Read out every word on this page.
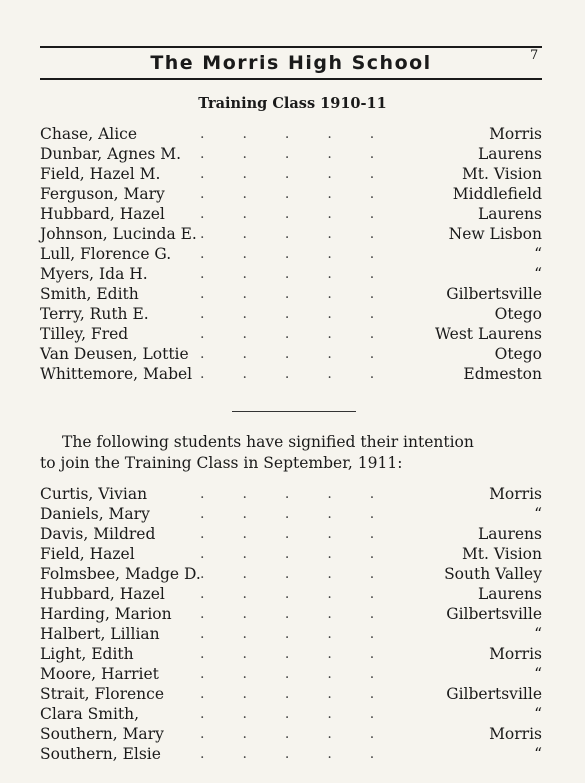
The Morris High School	7
Training Class 1910-11
.....
Chase, Alice	Morris
.....
Dunbar, Agnes M.	Laurens
.....
Field, Hazel M.	Mt. Vision
.....
Ferguson, Mary	Middlefield
.....
Hubbard, Hazel	Laurens
.....
Johnson, Lucinda E.	New Lisbon
.....
Lull, Florence G.	“
.....
Myers, Ida H.	“
.....
Smith, Edith	Gilbertsville
.....
Terry, Ruth E.	Otego
.....
Tilley, Fred	West Laurens
.....
Van Deusen, Lottie	Otego
.....
Whittemore, Mabel	Edmeston
The following students have signified their intention
to join the Training Class in September, 1911:
.....
Curtis, Vivian	Morris
.....
Daniels, Mary	“
.....
Davis, Mildred	Laurens
.....
Field, Hazel	Mt. Vision
.....
Folmsbee, Madge D.	South Valley
.....
Hubbard, Hazel	Laurens
.....
Harding, Marion	Gilbertsville
.....
Halbert, Lillian	“
.....
Light, Edith	Morris
.....
Moore, Harriet	“
.....
Strait, Florence	Gilbertsville
.....
Clara Smith,	“
.....
Southern, Mary	Morris
.....
Southern, Elsie	“
